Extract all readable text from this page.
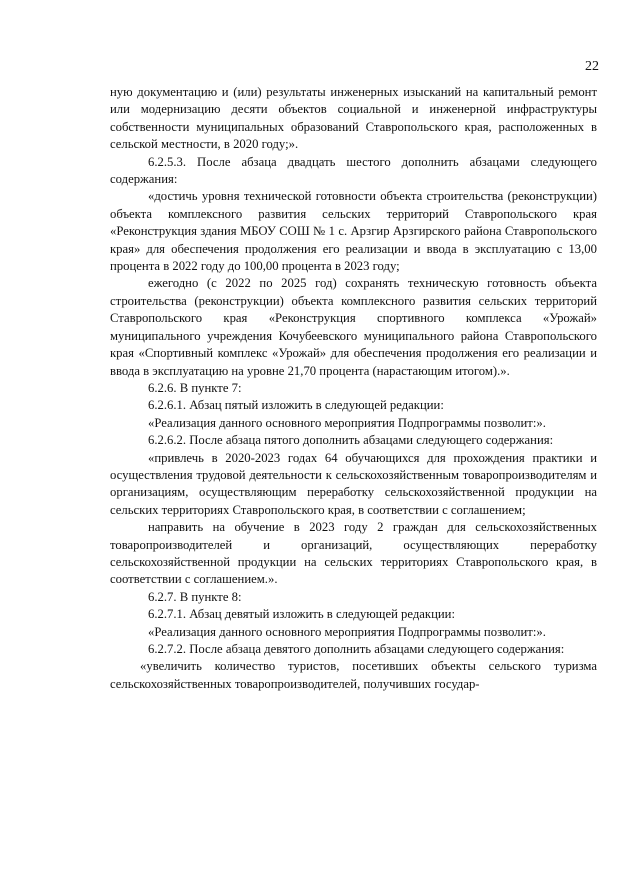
22

ную документацию и (или) результаты инженерных изысканий на капитальный ремонт или модернизацию десяти объектов социальной и инженерной инфраструктуры собственности муниципальных образований Ставропольского края, расположенных в сельской местности, в 2020 году;».

6.2.5.3. После абзаца двадцать шестого дополнить абзацами следующего содержания:

«достичь уровня технической готовности объекта строительства (реконструкции) объекта комплексного развития сельских территорий Ставропольского края «Реконструкция здания МБОУ СОШ № 1 с. Арзгир Арзгирского района Ставропольского края» для обеспечения продолжения его реализации и ввода в эксплуатацию с 13,00 процента в 2022 году до 100,00 процента в 2023 году;

ежегодно (с 2022 по 2025 год) сохранять техническую готовность объекта строительства (реконструкции) объекта комплексного развития сельских территорий Ставропольского края «Реконструкция спортивного комплекса «Урожай» муниципального учреждения Кочубеевского муниципального района Ставропольского края «Спортивный комплекс «Урожай» для обеспечения продолжения его реализации и ввода в эксплуатацию на уровне 21,70 процента (нарастающим итогом).».

6.2.6. В пункте 7:

6.2.6.1. Абзац пятый изложить в следующей редакции:

«Реализация данного основного мероприятия Подпрограммы позволит:».

6.2.6.2. После абзаца пятого дополнить абзацами следующего содержания:

«привлечь в 2020-2023 годах 64 обучающихся для прохождения практики и осуществления трудовой деятельности к сельскохозяйственным товаропроизводителям и организациям, осуществляющим переработку сельскохозяйственной продукции на сельских территориях Ставропольского края, в соответствии с соглашением;

направить на обучение в 2023 году 2 граждан для сельскохозяйственных товаропроизводителей и организаций, осуществляющих переработку сельскохозяйственной продукции на сельских территориях Ставропольского края, в соответствии с соглашением.».

6.2.7. В пункте 8:

6.2.7.1. Абзац девятый изложить в следующей редакции:

«Реализация данного основного мероприятия Подпрограммы позволит:».

6.2.7.2. После абзаца девятого дополнить абзацами следующего содержания:

«увеличить количество туристов, посетивших объекты сельского туризма сельскохозяйственных товаропроизводителей, получивших государ-
